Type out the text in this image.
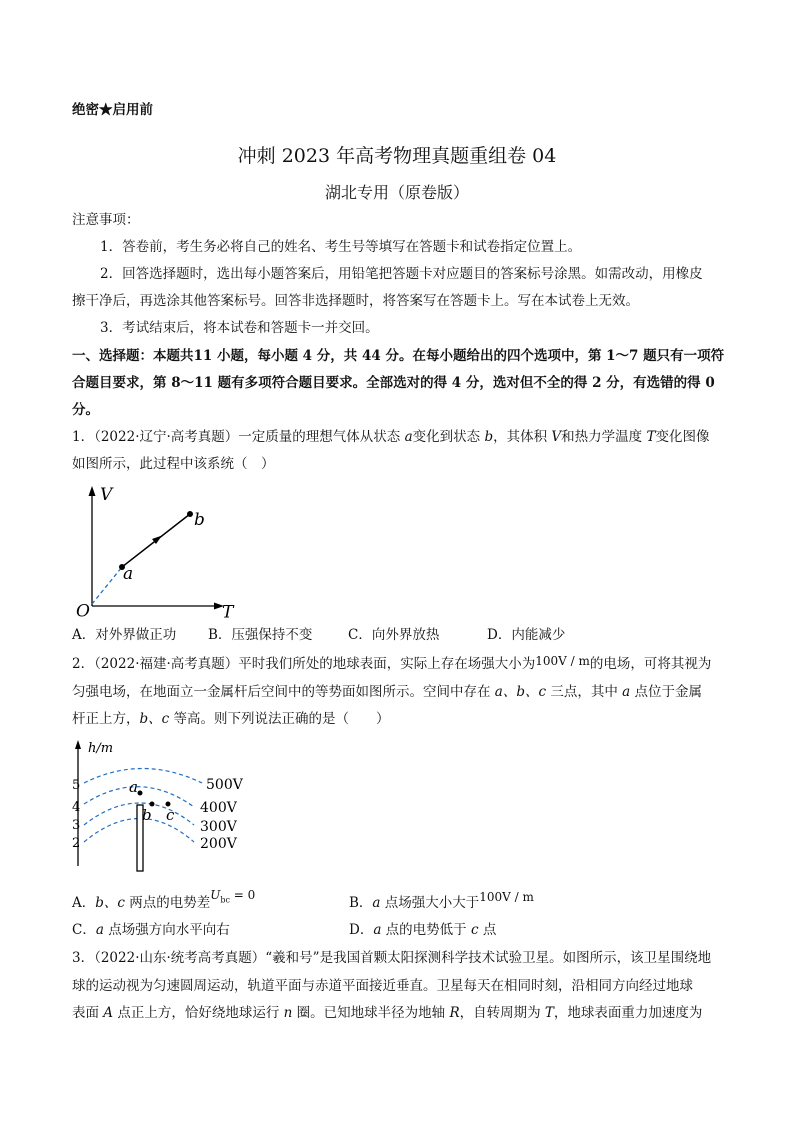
绝密★启用前
冲刺 2023 年高考物理真题重组卷 04
湖北专用（原卷版）
注意事项：
1．答卷前，考生务必将自己的姓名、考生号等填写在答题卡和试卷指定位置上。
2．回答选择题时，选出每小题答案后，用铅笔把答题卡对应题目的答案标号涂黑。如需改动，用橡皮
擦干净后，再选涂其他答案标号。回答非选择题时，将答案写在答题卡上。写在本试卷上无效。
3．考试结束后，将本试卷和答题卡一并交回。
一、选择题：本题共11 小题，每小题 4 分，共 44 分。在每小题给出的四个选项中，第 1～7 题只有一项符
合题目要求，第 8～11 题有多项符合题目要求。全部选对的得 4 分，选对但不全的得 2 分，有选错的得 0
分。
1．（2022·辽宁·高考真题）一定质量的理想气体从状态 a变化到状态 b，其体积 V和热力学温度 T变化图像
如图所示，此过程中该系统（　）
V
T
O
a
b
A．对外界做正功 B．压强保持不变	C．向外界放热	D．内能减少
2．（2022·福建·高考真题）平时我们所处的地球表面，实际上存在场强大小为100V / m的电场，可将其视为
匀强电场，在地面立一金属杆后空间中的等势面如图所示。空间中存在 a、b、c 三点，其中 a 点位于金属
杆正上方，b、c 等高。则下列说法正确的是（　　）
h/m
5
4
3
2
a
b c
500V
400V
300V
200V
A．b、c 两点的电势差$U_{bc} = 0$	B．a 点场强大小大于100V / m
C．a 点场强方向水平向右	D．a 点的电势低于 c 点
3．（2022·山东·统考高考真题）“羲和号”是我国首颗太阳探测科学技术试验卫星。如图所示，该卫星围绕地
球的运动视为匀速圆周运动，轨道平面与赤道平面接近垂直。卫星每天在相同时刻，沿相同方向经过地球
表面 A 点正上方，恰好绕地球运行 n 圈。已知地球半径为地轴 R，自转周期为 T，地球表面重力加速度为
